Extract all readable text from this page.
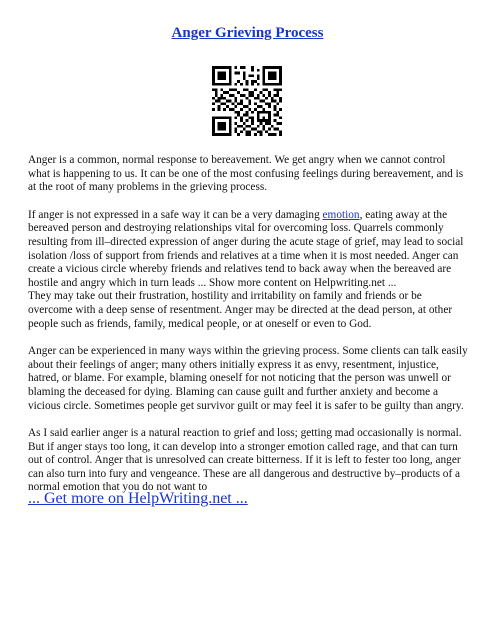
Anger Grieving Process

Anger is a common, normal response to bereavement. We get angry when we cannot control what is happening to us. It can be one of the most confusing feelings during bereavement, and is at the root of many problems in the grieving process.

If anger is not expressed in a safe way it can be a very damaging emotion, eating away at the bereaved person and destroying relationships vital for overcoming loss. Quarrels commonly resulting from ill–directed expression of anger during the acute stage of grief, may lead to social isolation /loss of support from friends and relatives at a time when it is most needed. Anger can create a vicious circle whereby friends and relatives tend to back away when the bereaved are hostile and angry which in turn leads ... Show more content on Helpwriting.net ...
They may take out their frustration, hostility and irritability on family and friends or be overcome with a deep sense of resentment. Anger may be directed at the dead person, at other people such as friends, family, medical people, or at oneself or even to God.

Anger can be experienced in many ways within the grieving process. Some clients can talk easily about their feelings of anger; many others initially express it as envy, resentment, injustice, hatred, or blame. For example, blaming oneself for not noticing that the person was unwell or blaming the deceased for dying. Blaming can cause guilt and further anxiety and become a vicious circle. Sometimes people get survivor guilt or may feel it is safer to be guilty than angry.

As I said earlier anger is a natural reaction to grief and loss; getting mad occasionally is normal. But if anger stays too long, it can develop into a stronger emotion called rage, and that can turn out of control. Anger that is unresolved can create bitterness. If it is left to fester too long, anger can also turn into fury and vengeance. These are all dangerous and destructive by–products of a normal emotion that you do not want to

... Get more on HelpWriting.net ...
